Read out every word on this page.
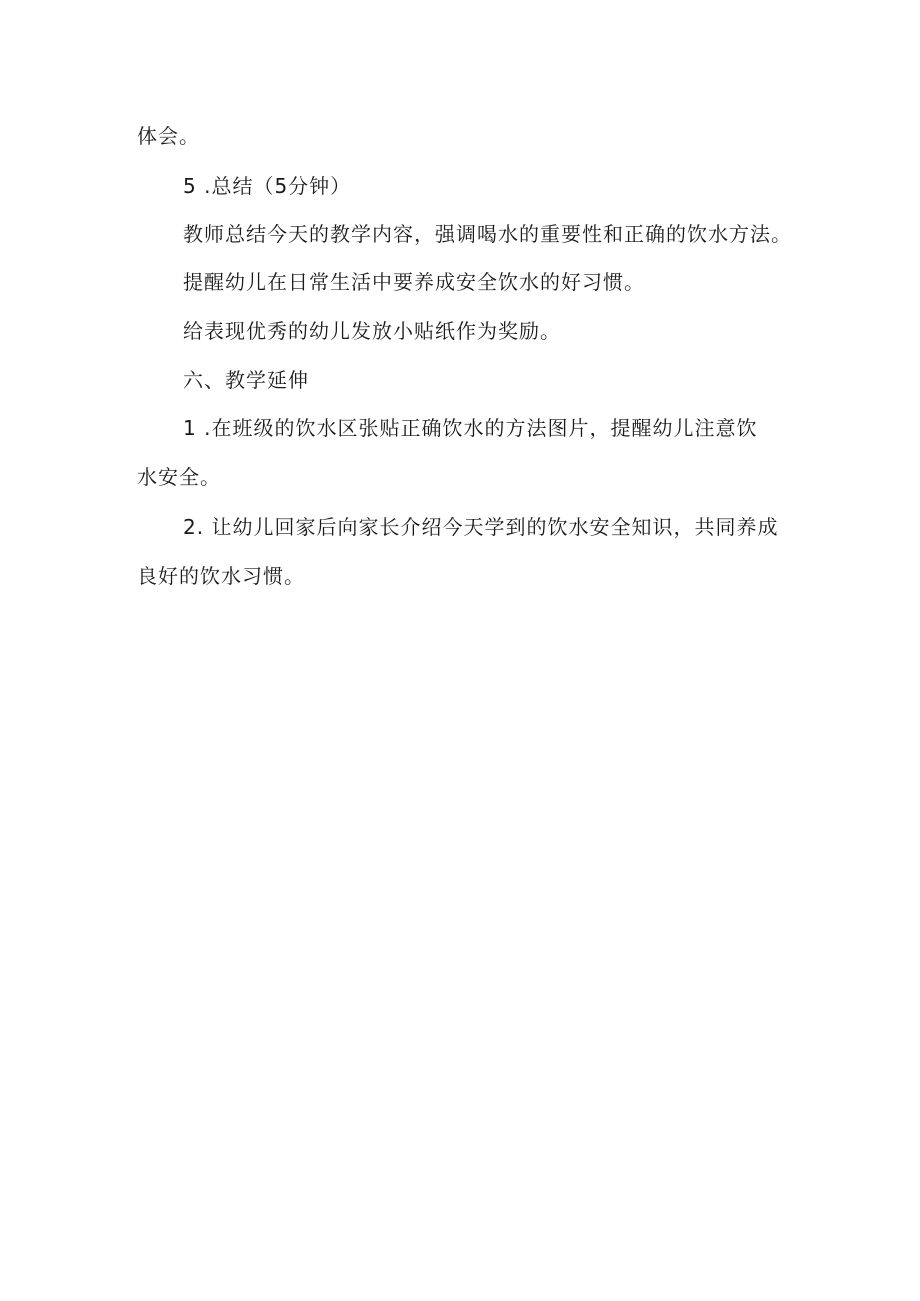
体会。
5 .总结（5分钟）
教师总结今天的教学内容，强调喝水的重要性和正确的饮水方法。
提醒幼儿在日常生活中要养成安全饮水的好习惯。
给表现优秀的幼儿发放小贴纸作为奖励。
六、教学延伸
1 .在班级的饮水区张贴正确饮水的方法图片，提醒幼儿注意饮
水安全。
2. 让幼儿回家后向家长介绍今天学到的饮水安全知识，共同养成
良好的饮水习惯。
